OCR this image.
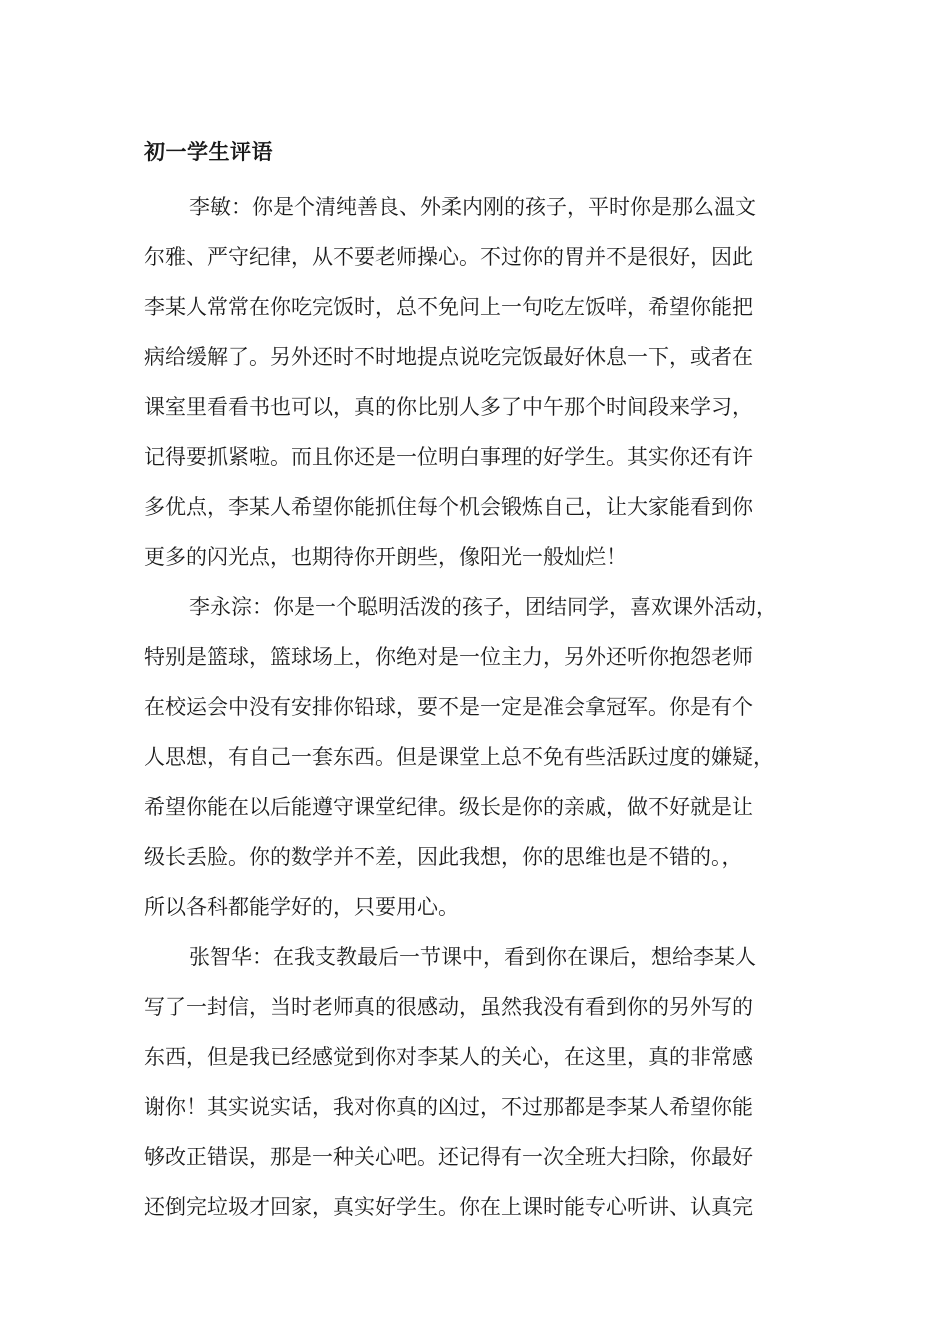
初一学生评语
李敏：你是个清纯善良、外柔内刚的孩子，平时你是那么温文
尔雅、严守纪律，从不要老师操心。不过你的胃并不是很好，因此
李某人常常在你吃完饭时，总不免问上一句吃左饭咩，希望你能把
病给缓解了。另外还时不时地提点说吃完饭最好休息一下，或者在
课室里看看书也可以，真的你比别人多了中午那个时间段来学习，
记得要抓紧啦。而且你还是一位明白事理的好学生。其实你还有许
多优点，李某人希望你能抓住每个机会锻炼自己，让大家能看到你
更多的闪光点，也期待你开朗些，像阳光一般灿烂！
李永淙：你是一个聪明活泼的孩子，团结同学，喜欢课外活动，
特别是篮球，篮球场上，你绝对是一位主力，另外还听你抱怨老师
在校运会中没有安排你铅球，要不是一定是准会拿冠军。你是有个
人思想，有自己一套东西。但是课堂上总不免有些活跃过度的嫌疑，
希望你能在以后能遵守课堂纪律。级长是你的亲戚，做不好就是让
级长丢脸。你的数学并不差，因此我想，你的思维也是不错的。，
所以各科都能学好的，只要用心。
张智华：在我支教最后一节课中，看到你在课后，想给李某人
写了一封信，当时老师真的很感动，虽然我没有看到你的另外写的
东西，但是我已经感觉到你对李某人的关心，在这里，真的非常感
谢你！其实说实话，我对你真的凶过，不过那都是李某人希望你能
够改正错误，那是一种关心吧。还记得有一次全班大扫除，你最好
还倒完垃圾才回家，真实好学生。你在上课时能专心听讲、认真完
